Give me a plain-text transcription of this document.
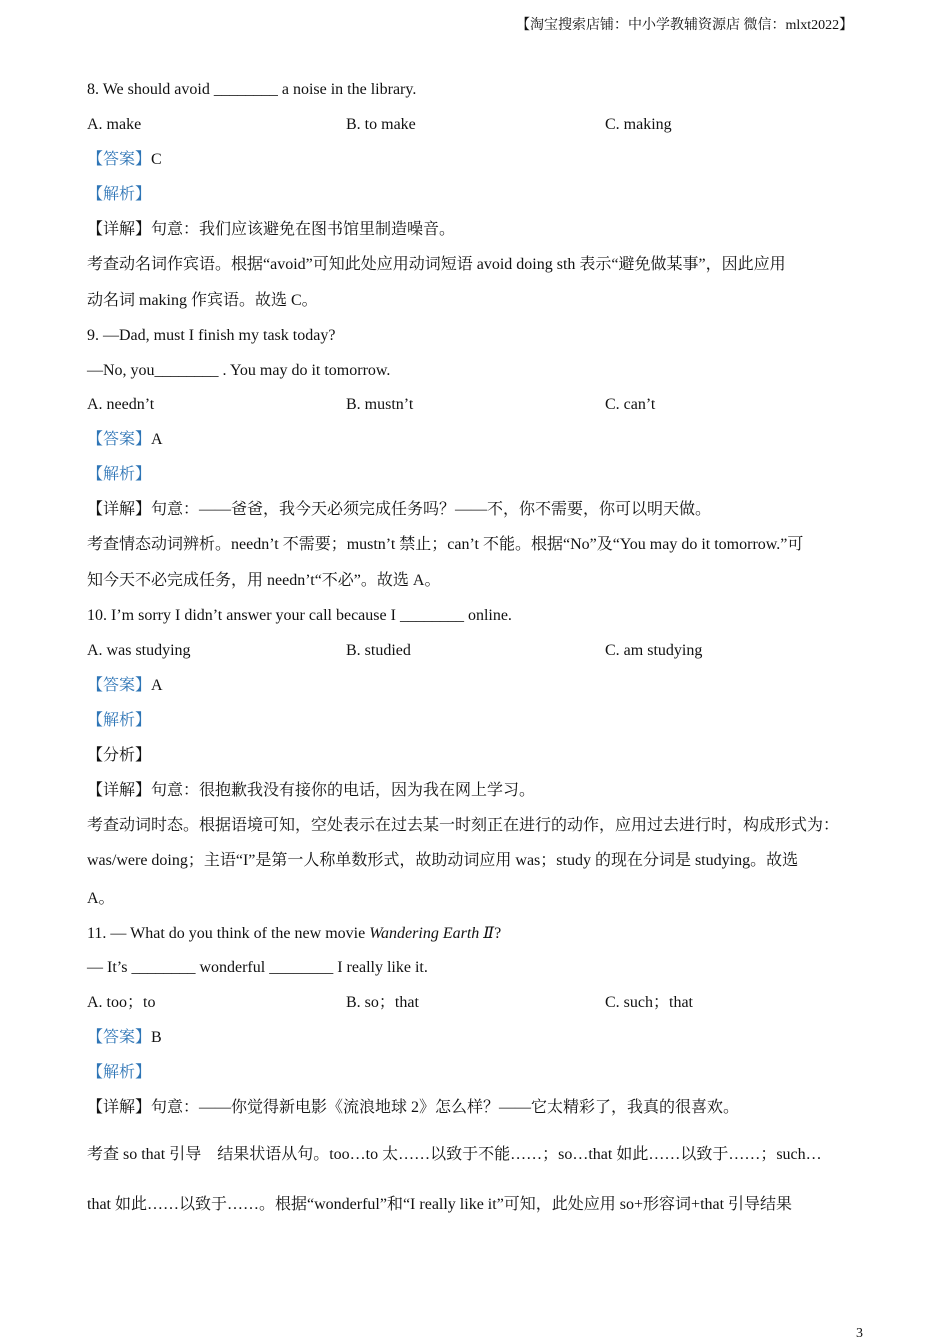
【淘宝搜索店铺：中小学教辅资源店 微信：mlxt2022】
8. We should avoid ________ a noise in the library.
A. make	B. to make	C. making
【答案】C
【解析】
【详解】句意：我们应该避免在图书馆里制造噪音。
考查动名词作宾语。根据“avoid”可知此处应用动词短语 avoid doing sth 表示“避免做某事”，因此应用
动名词 making 作宾语。故选 C。
9. —Dad, must I finish my task today?
—No, you________ . You may do it tomorrow.
A. needn’t	B. mustn’t	C. can’t
【答案】A
【解析】
【详解】句意：——爸爸，我今天必须完成任务吗？——不，你不需要，你可以明天做。
考查情态动词辨析。needn’t 不需要；mustn’t 禁止；can’t 不能。根据“No”及“You may do it tomorrow.”可
知今天不必完成任务，用 needn’t“不必”。故选 A。
10. I’m sorry I didn’t answer your call because I ________ online.
A. was studying	B. studied	C. am studying
【答案】A
【解析】
【分析】
【详解】句意：很抱歉我没有接你的电话，因为我在网上学习。
考查动词时态。根据语境可知，空处表示在过去某一时刻正在进行的动作，应用过去进行时，构成形式为：
was/were doing；主语“I”是第一人称单数形式，故助动词应用 was；study 的现在分词是 studying。故选
A。
11. — What do you think of the new movie Wandering Earth Ⅱ?
— It’s ________ wonderful ________ I really like it.
A. too；to	B. so；that	C. such；that
【答案】B
【解析】
【详解】句意：——你觉得新电影《流浪地球 2》怎么样？——它太精彩了，我真的很喜欢。
考查 so that 引导    结果状语从句。too…to 太……以致于不能……；so…that 如此……以致于……；such…
that 如此……以致于……。根据“wonderful”和“I really like it”可知，此处应用 so+形容词+that 引导结果
3
